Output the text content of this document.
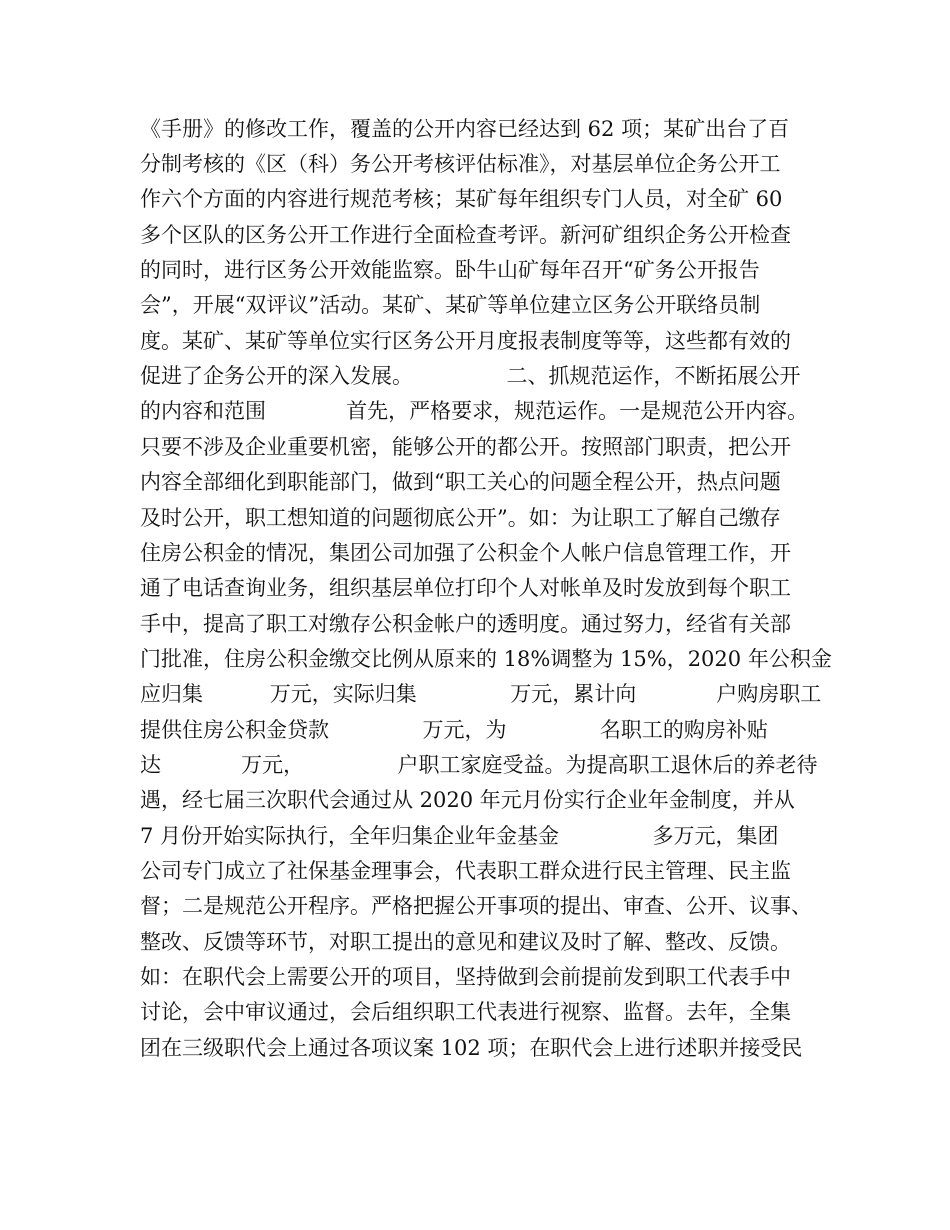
《手册》的修改工作，覆盖的公开内容已经达到 62 项；某矿出台了百
分制考核的《区（科）务公开考核评估标准》，对基层单位企务公开工
作六个方面的内容进行规范考核；某矿每年组织专门人员，对全矿 60
多个区队的区务公开工作进行全面检查考评。新河矿组织企务公开检查
的同时，进行区务公开效能监察。卧牛山矿每年召开“矿务公开报告
会”，开展“双评议”活动。某矿、某矿等单位建立区务公开联络员制
度。某矿、某矿等单位实行区务公开月度报表制度等等，这些都有效的
促进了企务公开的深入发展。              二、抓规范运作，不断拓展公开
的内容和范围            首先，严格要求，规范运作。一是规范公开内容。
只要不涉及企业重要机密，能够公开的都公开。按照部门职责，把公开
内容全部细化到职能部门，做到“职工关心的问题全程公开，热点问题
及时公开，职工想知道的问题彻底公开”。如：为让职工了解自己缴存
住房公积金的情况，集团公司加强了公积金个人帐户信息管理工作，开
通了电话查询业务，组织基层单位打印个人对帐单及时发放到每个职工
手中，提高了职工对缴存公积金帐户的透明度。通过努力，经省有关部
门批准，住房公积金缴交比例从原来的 18%调整为 15%，2020 年公积金
应归集          万元，实际归集              万元，累计向            户购房职工
提供住房公积金贷款              万元，为              名职工的购房补贴
达            万元，              户职工家庭受益。为提高职工退休后的养老待
遇，经七届三次职代会通过从 2020 年元月份实行企业年金制度，并从
7 月份开始实际执行，全年归集企业年金基金              多万元，集团
公司专门成立了社保基金理事会，代表职工群众进行民主管理、民主监
督；二是规范公开程序。严格把握公开事项的提出、审查、公开、议事、
整改、反馈等环节，对职工提出的意见和建议及时了解、整改、反馈。
如：在职代会上需要公开的项目，坚持做到会前提前发到职工代表手中
讨论，会中审议通过，会后组织职工代表进行视察、监督。去年，全集
团在三级职代会上通过各项议案 102 项；在职代会上进行述职并接受民
